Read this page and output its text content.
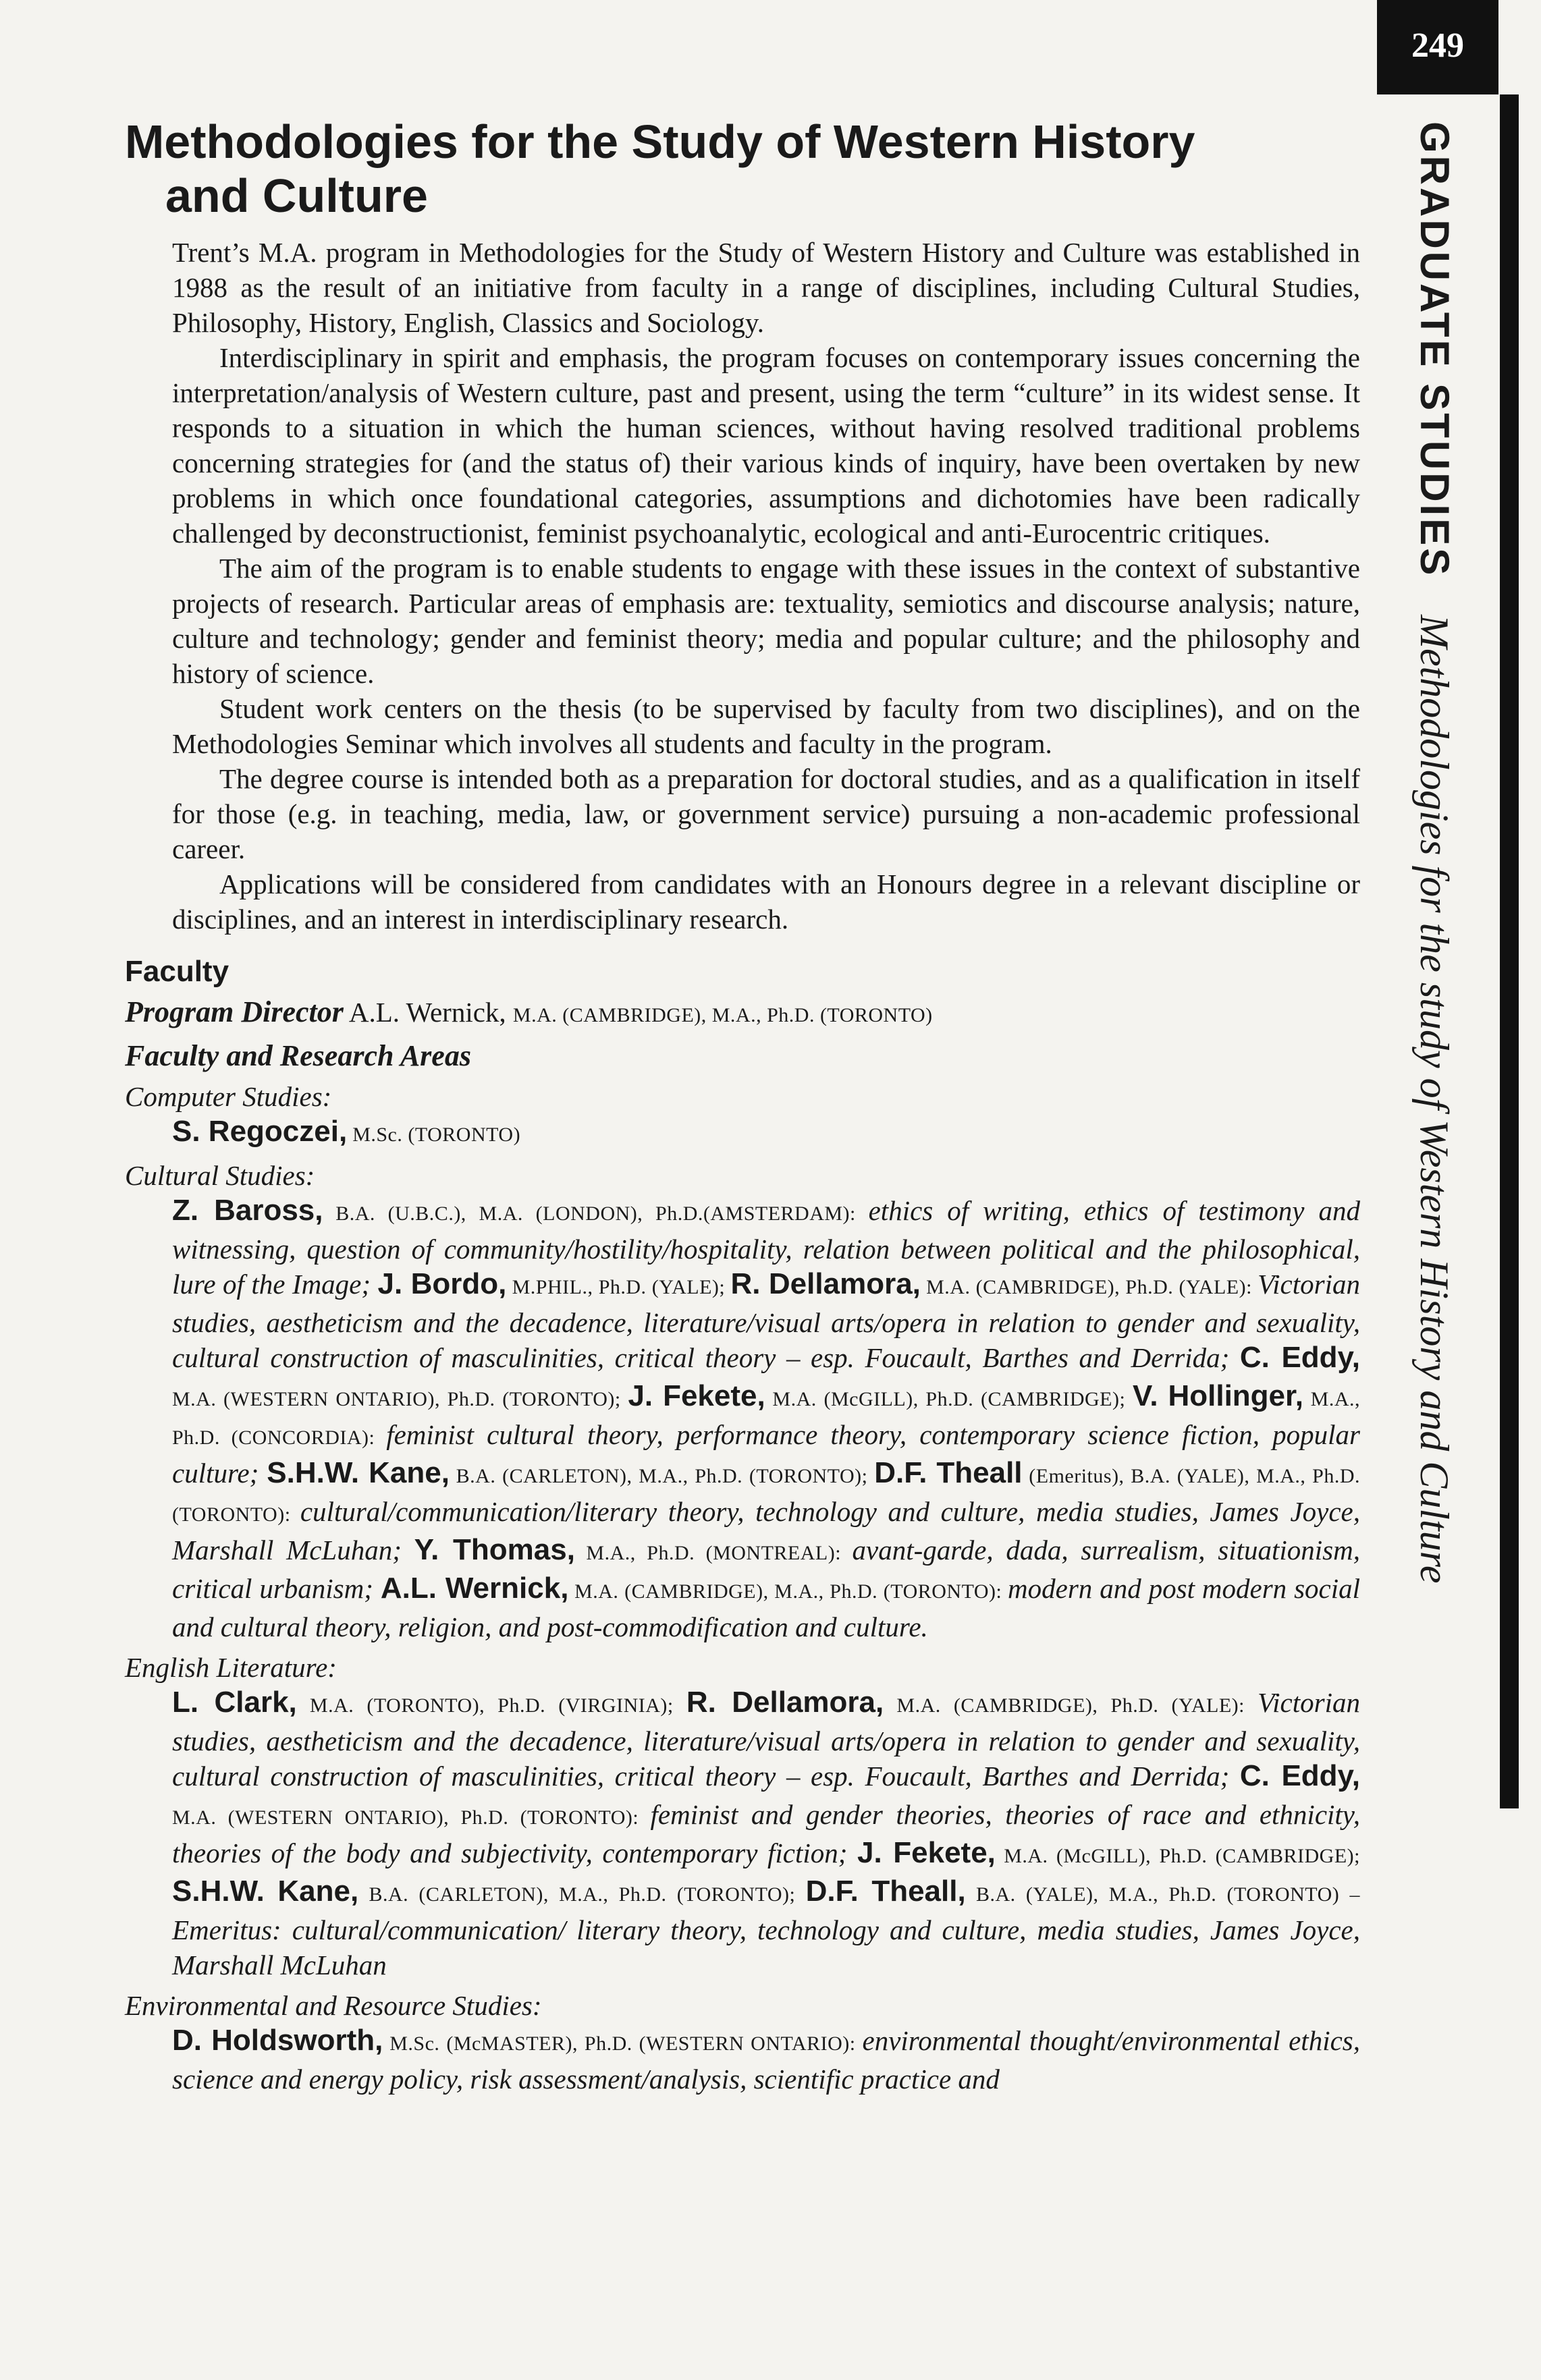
249
GRADUATE STUDIES Methodologies for the study of Western History and Culture
Methodologies for the Study of Western History
and Culture

Trent’s M.A. program in Methodologies for the Study of Western History and Culture was established in 1988 as the result of an initiative from faculty in a range of disciplines, including Cultural Studies, Philosophy, History, English, Classics and Sociology.

Interdisciplinary in spirit and emphasis, the program focuses on contemporary issues concerning the interpretation/analysis of Western culture, past and present, using the term “culture” in its widest sense. It responds to a situation in which the human sciences, without having resolved traditional problems concerning strategies for (and the status of) their various kinds of inquiry, have been overtaken by new problems in which once foundational categories, assumptions and dichotomies have been radically challenged by deconstructionist, feminist psychoanalytic, ecological and anti-Eurocentric critiques.

The aim of the program is to enable students to engage with these issues in the context of substantive projects of research. Particular areas of emphasis are: textuality, semiotics and discourse analysis; nature, culture and technology; gender and feminist theory; media and popular culture; and the philosophy and history of science.

Student work centers on the thesis (to be supervised by faculty from two disciplines), and on the Methodologies Seminar which involves all students and faculty in the program.

The degree course is intended both as a preparation for doctoral studies, and as a qualification in itself for those (e.g. in teaching, media, law, or government service) pursuing a non-academic professional career.

Applications will be considered from candidates with an Honours degree in a relevant discipline or disciplines, and an interest in interdisciplinary research.

Faculty
Program Director A.L. Wernick, M.A. (CAMBRIDGE), M.A., Ph.D. (TORONTO)
Faculty and Research Areas

Computer Studies:

S. Regoczei, M.Sc. (TORONTO)

Cultural Studies:

Z. Baross, B.A. (U.B.C.), M.A. (LONDON), Ph.D.(AMSTERDAM): ethics of writing, ethics of testimony and witnessing, question of community/hostility/hospitality, relation between political and the philosophical, lure of the Image; J. Bordo, M.PHIL., Ph.D. (YALE); R. Dellamora, M.A. (CAMBRIDGE), Ph.D. (YALE): Victorian studies, aestheticism and the decadence, literature/visual arts/opera in relation to gender and sexuality, cultural construction of masculinities, critical theory – esp. Foucault, Barthes and Derrida; C. Eddy, M.A. (WESTERN ONTARIO), Ph.D. (TORONTO); J. Fekete, M.A. (McGILL), Ph.D. (CAMBRIDGE); V. Hollinger, M.A., Ph.D. (CONCORDIA): feminist cultural theory, performance theory, contemporary science fiction, popular culture; S.H.W. Kane, B.A. (CARLETON), M.A., Ph.D. (TORONTO); D.F. Theall (Emeritus), B.A. (YALE), M.A., Ph.D. (TORONTO): cultural/communication/literary theory, technology and culture, media studies, James Joyce, Marshall McLuhan; Y. Thomas, M.A., Ph.D. (MONTREAL): avant-garde, dada, surrealism, situationism, critical urbanism; A.L. Wernick, M.A. (CAMBRIDGE), M.A., Ph.D. (TORONTO): modern and post modern social and cultural theory, religion, and post-commodification and culture.

English Literature:

L. Clark, M.A. (TORONTO), Ph.D. (VIRGINIA); R. Dellamora, M.A. (CAMBRIDGE), Ph.D. (YALE): Victorian studies, aestheticism and the decadence, literature/visual arts/opera in relation to gender and sexuality, cultural construction of masculinities, critical theory – esp. Foucault, Barthes and Derrida; C. Eddy, M.A. (WESTERN ONTARIO), Ph.D. (TORONTO): feminist and gender theories, theories of race and ethnicity, theories of the body and subjectivity, contemporary fiction; J. Fekete, M.A. (McGILL), Ph.D. (CAMBRIDGE); S.H.W. Kane, B.A. (CARLETON), M.A., Ph.D. (TORONTO); D.F. Theall, B.A. (YALE), M.A., Ph.D. (TORONTO) – Emeritus: cultural/communication/ literary theory, technology and culture, media studies, James Joyce, Marshall McLuhan

Environmental and Resource Studies:

D. Holdsworth, M.Sc. (McMASTER), Ph.D. (WESTERN ONTARIO): environmental thought/environmental ethics, science and energy policy, risk assessment/analysis, scientific practice and
